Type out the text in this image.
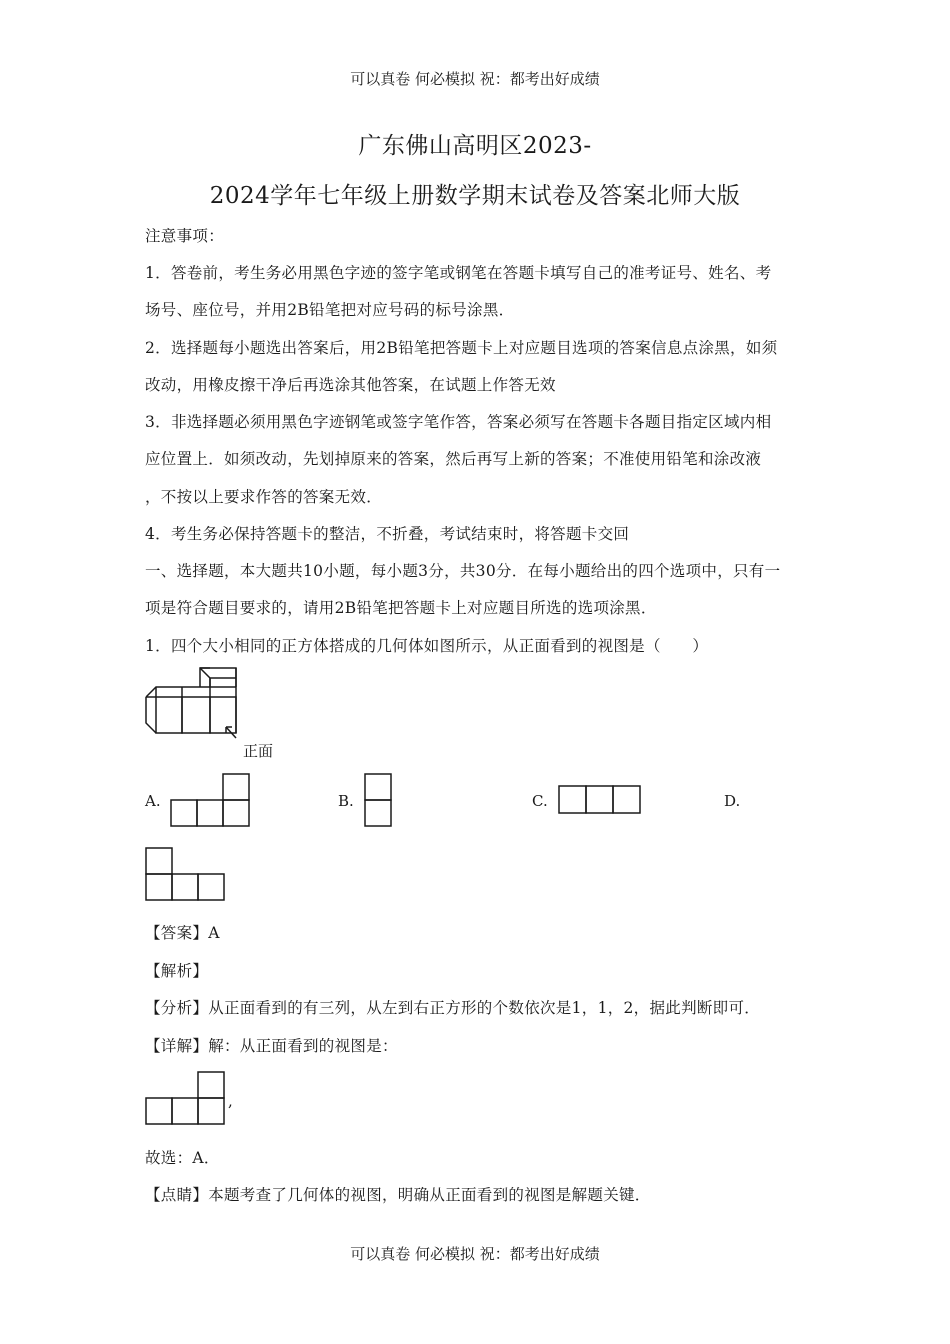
可以真卷 何必模拟 祝：都考出好成绩
广东佛山高明区2023-
2024学年七年级上册数学期末试卷及答案北师大版
注意事项：
1．答卷前，考生务必用黑色字迹的签字笔或钢笔在答题卡填写自己的准考证号、姓名、考
场号、座位号，并用2B铅笔把对应号码的标号涂黑．
2．选择题每小题选出答案后，用2B铅笔把答题卡上对应题目选项的答案信息点涂黑，如须
改动，用橡皮擦干净后再选涂其他答案，在试题上作答无效
3．非选择题必须用黑色字迹钢笔或签字笔作答，答案必须写在答题卡各题目指定区域内相
应位置上．如须改动，先划掉原来的答案，然后再写上新的答案；不准使用铅笔和涂改液
，不按以上要求作答的答案无效．
4．考生务必保持答题卡的整洁，不折叠，考试结束时，将答题卡交回
一、选择题，本大题共10小题，每小题3分，共30分．在每小题给出的四个选项中，只有一
项是符合题目要求的，请用2B铅笔把答题卡上对应题目所选的选项涂黑．
1．四个大小相同的正方体搭成的几何体如图所示，从正面看到的视图是（　　）
正面
A.	B.	C.	D.
【答案】A
【解析】
【分析】从正面看到的有三列，从左到右正方形的个数依次是1，1，2，据此判断即可．
【详解】解：从正面看到的视图是：
,
故选：A．
【点睛】本题考查了几何体的视图，明确从正面看到的视图是解题关键．
可以真卷 何必模拟 祝：都考出好成绩
